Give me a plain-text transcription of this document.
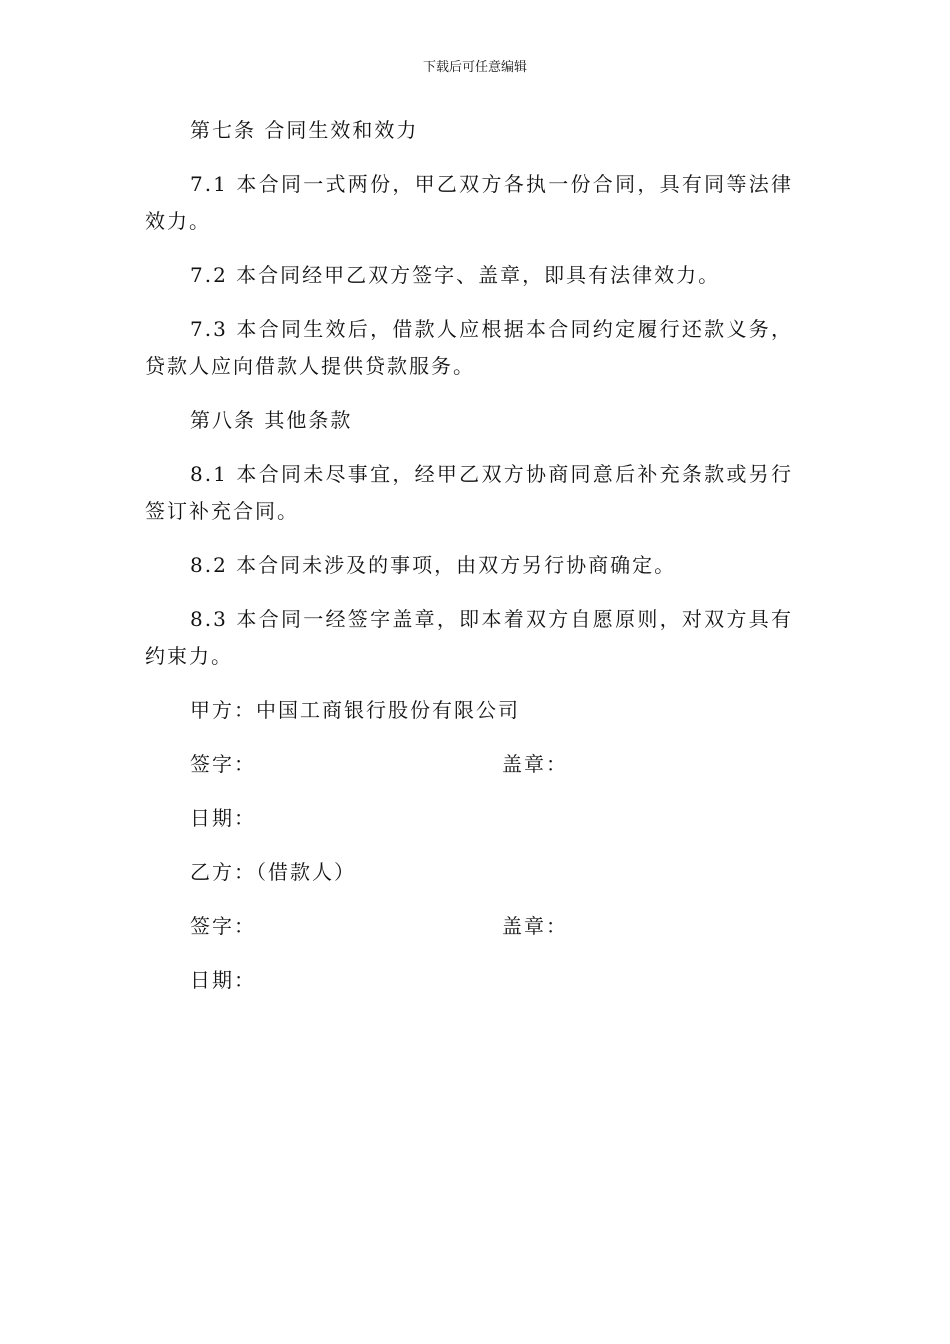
下载后可任意编辑

第七条 合同生效和效力

7.1 本合同一式两份，甲乙双方各执一份合同，具有同等法律效力。

7.2 本合同经甲乙双方签字、盖章，即具有法律效力。

7.3 本合同生效后，借款人应根据本合同约定履行还款义务，贷款人应向借款人提供贷款服务。

第八条 其他条款

8.1 本合同未尽事宜，经甲乙双方协商同意后补充条款或另行签订补充合同。

8.2 本合同未涉及的事项，由双方另行协商确定。

8.3 本合同一经签字盖章，即本着双方自愿原则，对双方具有约束力。

甲方：中国工商银行股份有限公司
签字：	盖章：
日期：
乙方：（借款人）
签字：	盖章：
日期：
